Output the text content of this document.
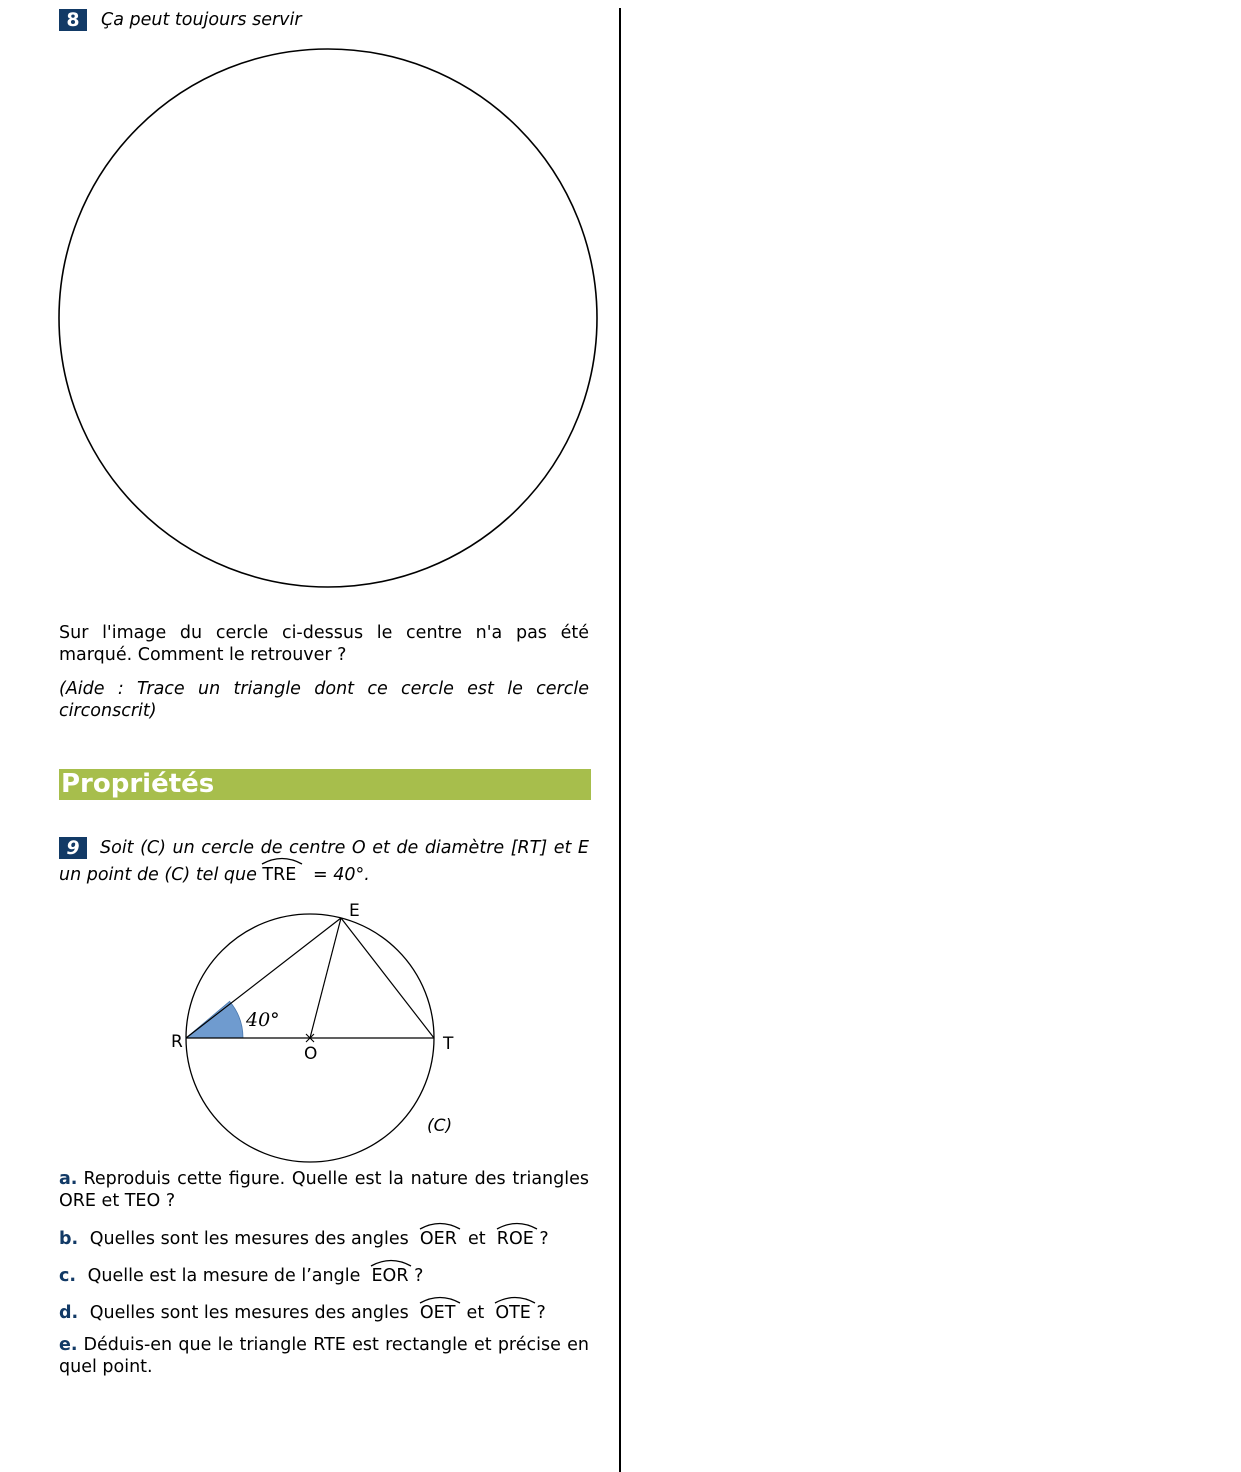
8 Ça peut toujours servir
Sur l'image du cercle ci-dessus le centre n'a pas été marqué. Comment le retrouver ?
(Aide : Trace un triangle dont ce cercle est le cercle circonscrit)
Propriétés
9 Soit (C) un cercle de centre O et de diamètre [RT] et E un point de (C) tel que TRE = 40°.
E
R
O	T
(C)
40°
a. Reproduis cette figure. Quelle est la nature des triangles ORE et TEO ?
b. Quelles sont les mesures des angles OER et ROE ?
c. Quelle est la mesure de l’angle EOR ?
d. Quelles sont les mesures des angles OET et OTE ?
e. Déduis-en que le triangle RTE est rectangle et précise en quel point.
